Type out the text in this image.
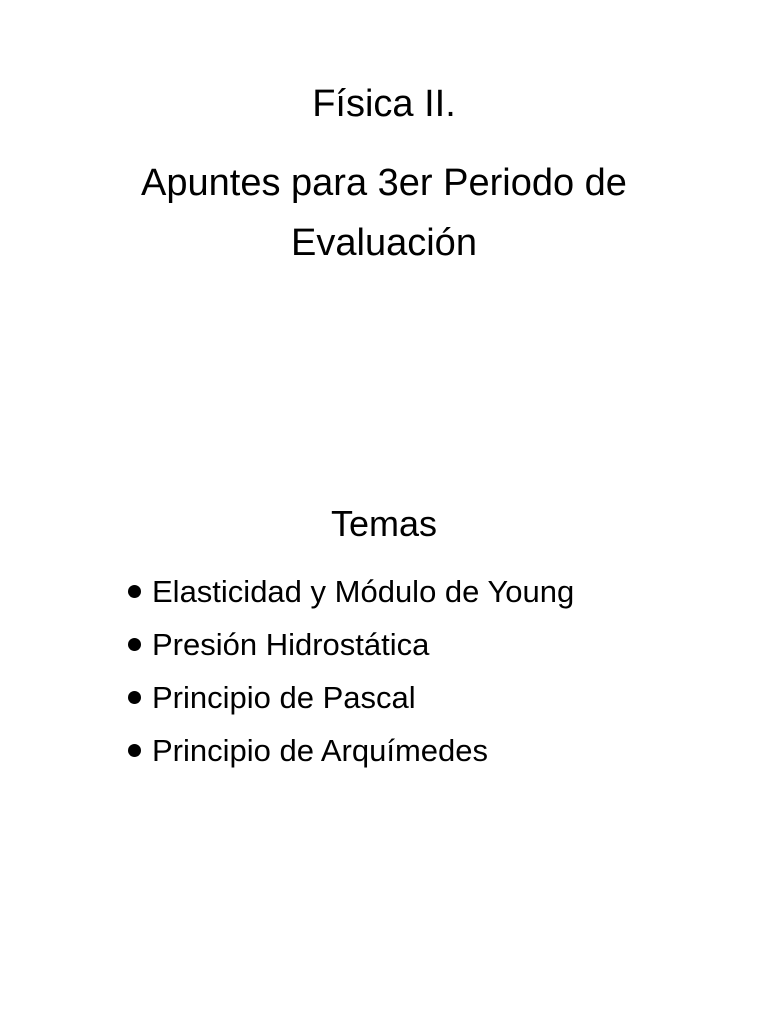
Física II.
Apuntes para 3er Periodo de Evaluación
Temas
Elasticidad y Módulo de Young
Presión Hidrostática
Principio de Pascal
Principio de Arquímedes
